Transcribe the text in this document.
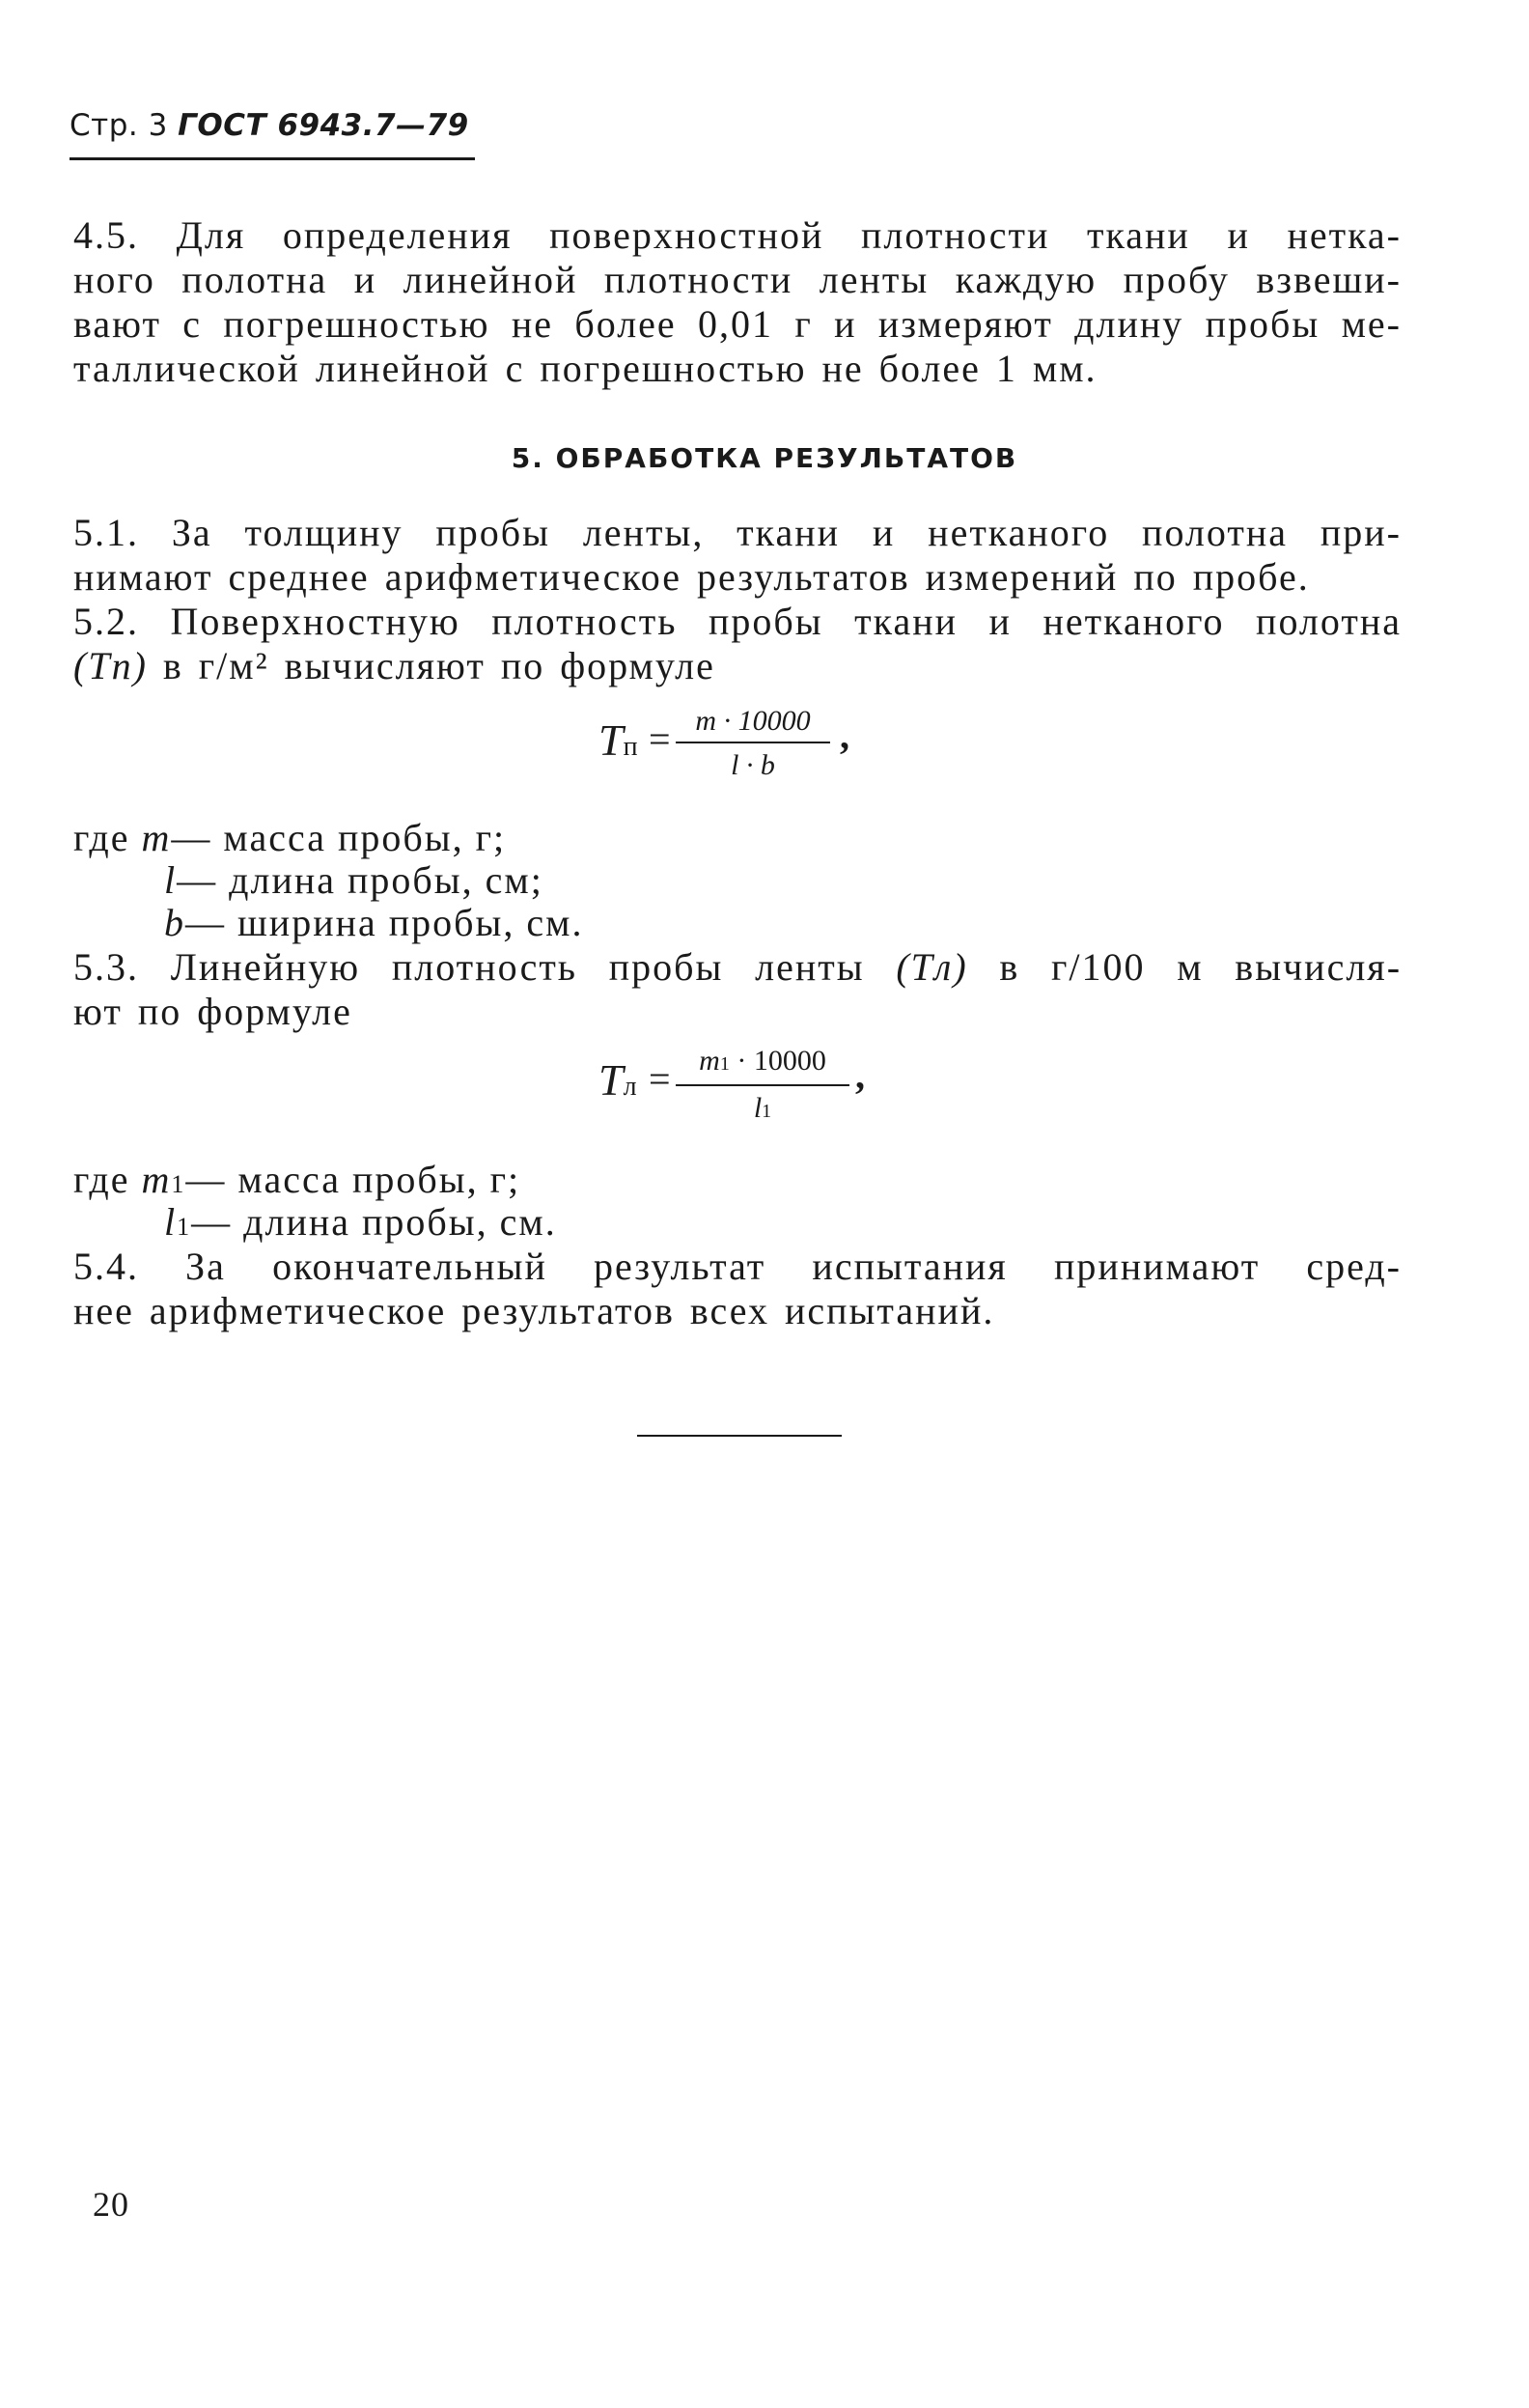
Стр. 3 ГОСТ 6943.7—79
4.5. Для определения поверхностной плотности ткани и нетка-
ного полотна и линейной плотности ленты каждую пробу взвеши-
вают с погрешностью не более 0,01 г и измеряют длину пробы ме-
таллической линейной с погрешностью не более 1 мм.
5. ОБРАБОТКА РЕЗУЛЬТАТОВ
5.1. За толщину пробы ленты, ткани и нетканого полотна при-
нимают среднее арифметическое результатов измерений по пробе.
5.2. Поверхностную плотность пробы ткани и нетканого полотна
(Tп) в г/м² вычисляют по формуле
Tп = m · 10000
l · b
,
где m— масса пробы, г;
l— длина пробы, см;
b— ширина пробы, см.
5.3. Линейную плотность пробы ленты (Tл) в г/100 м вычисля-
ют по формуле
Tл = m1 · 10000
l1
,
где m1— масса пробы, г;
l1— длина пробы, см.
5.4. За окончательный результат испытания принимают сред-
нее арифметическое результатов всех испытаний.
20
